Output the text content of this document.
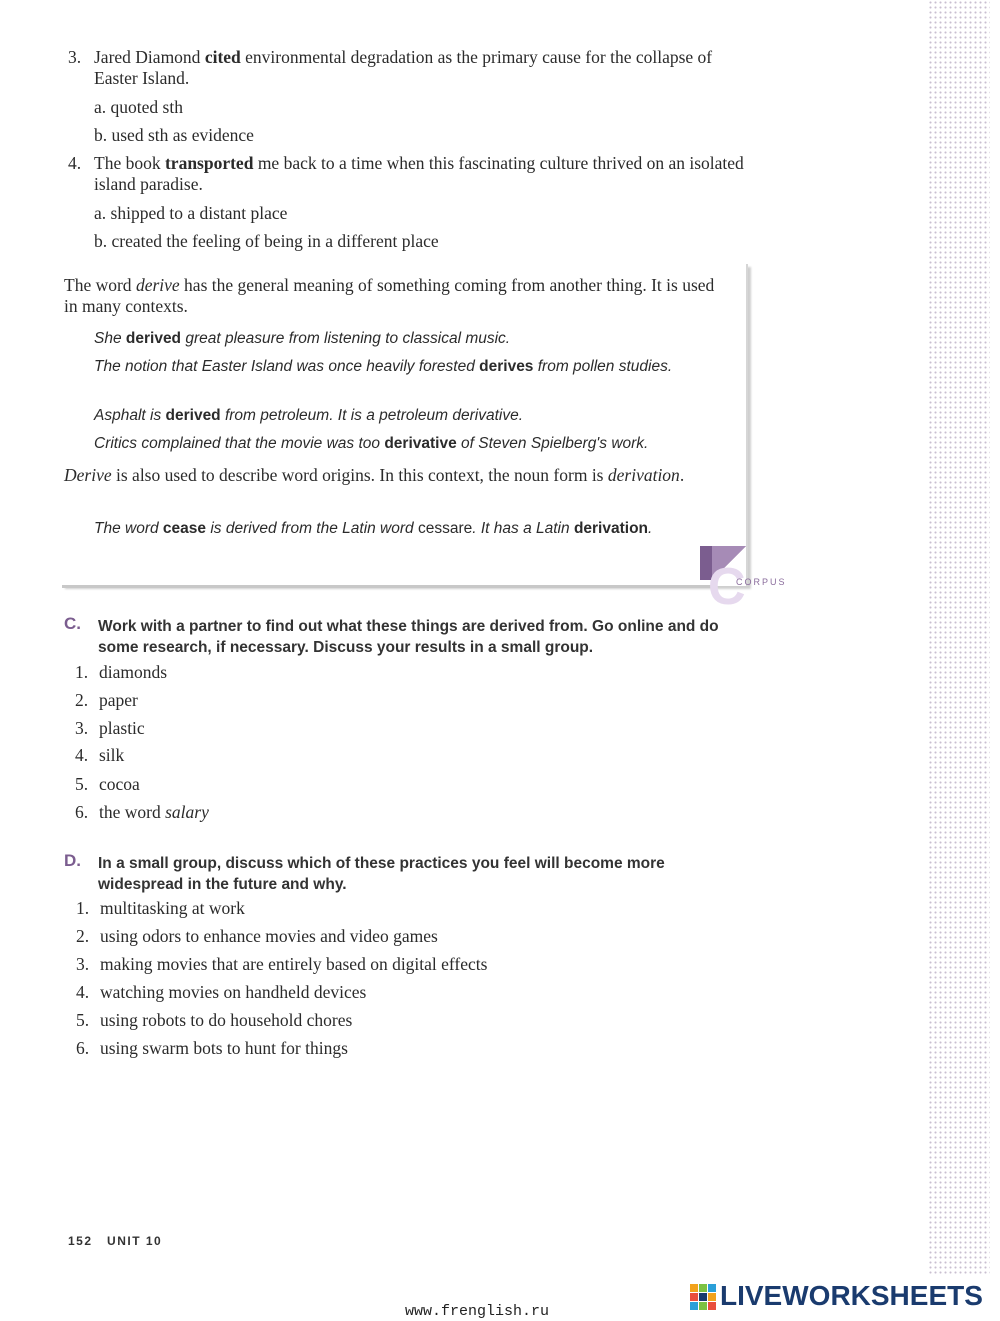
3. Jared Diamond cited environmental degradation as the primary cause for the collapse of Easter Island.
a. quoted sth
b. used sth as evidence
4. The book transported me back to a time when this fascinating culture thrived on an isolated island paradise.
a. shipped to a distant place
b. created the feeling of being in a different place
The word derive has the general meaning of something coming from another thing. It is used in many contexts.
She derived great pleasure from listening to classical music.
The notion that Easter Island was once heavily forested derives from pollen studies.
Asphalt is derived from petroleum. It is a petroleum derivative.
Critics complained that the movie was too derivative of Steven Spielberg's work.
Derive is also used to describe word origins. In this context, the noun form is derivation.
The word cease is derived from the Latin word cessare. It has a Latin derivation.
C
CORPUS
C. Work with a partner to find out what these things are derived from. Go online and do some research, if necessary. Discuss your results in a small group.
1. diamonds
2. paper
3. plastic
4. silk
5. cocoa
6. the word salary
D. In a small group, discuss which of these practices you feel will become more widespread in the future and why.
1. multitasking at work
2. using odors to enhance movies and video games
3. making movies that are entirely based on digital effects
4. watching movies on handheld devices
5. using robots to do household chores
6. using swarm bots to hunt for things
152 UNIT 10
www.frenglish.ru
LIVEWORKSHEETS
